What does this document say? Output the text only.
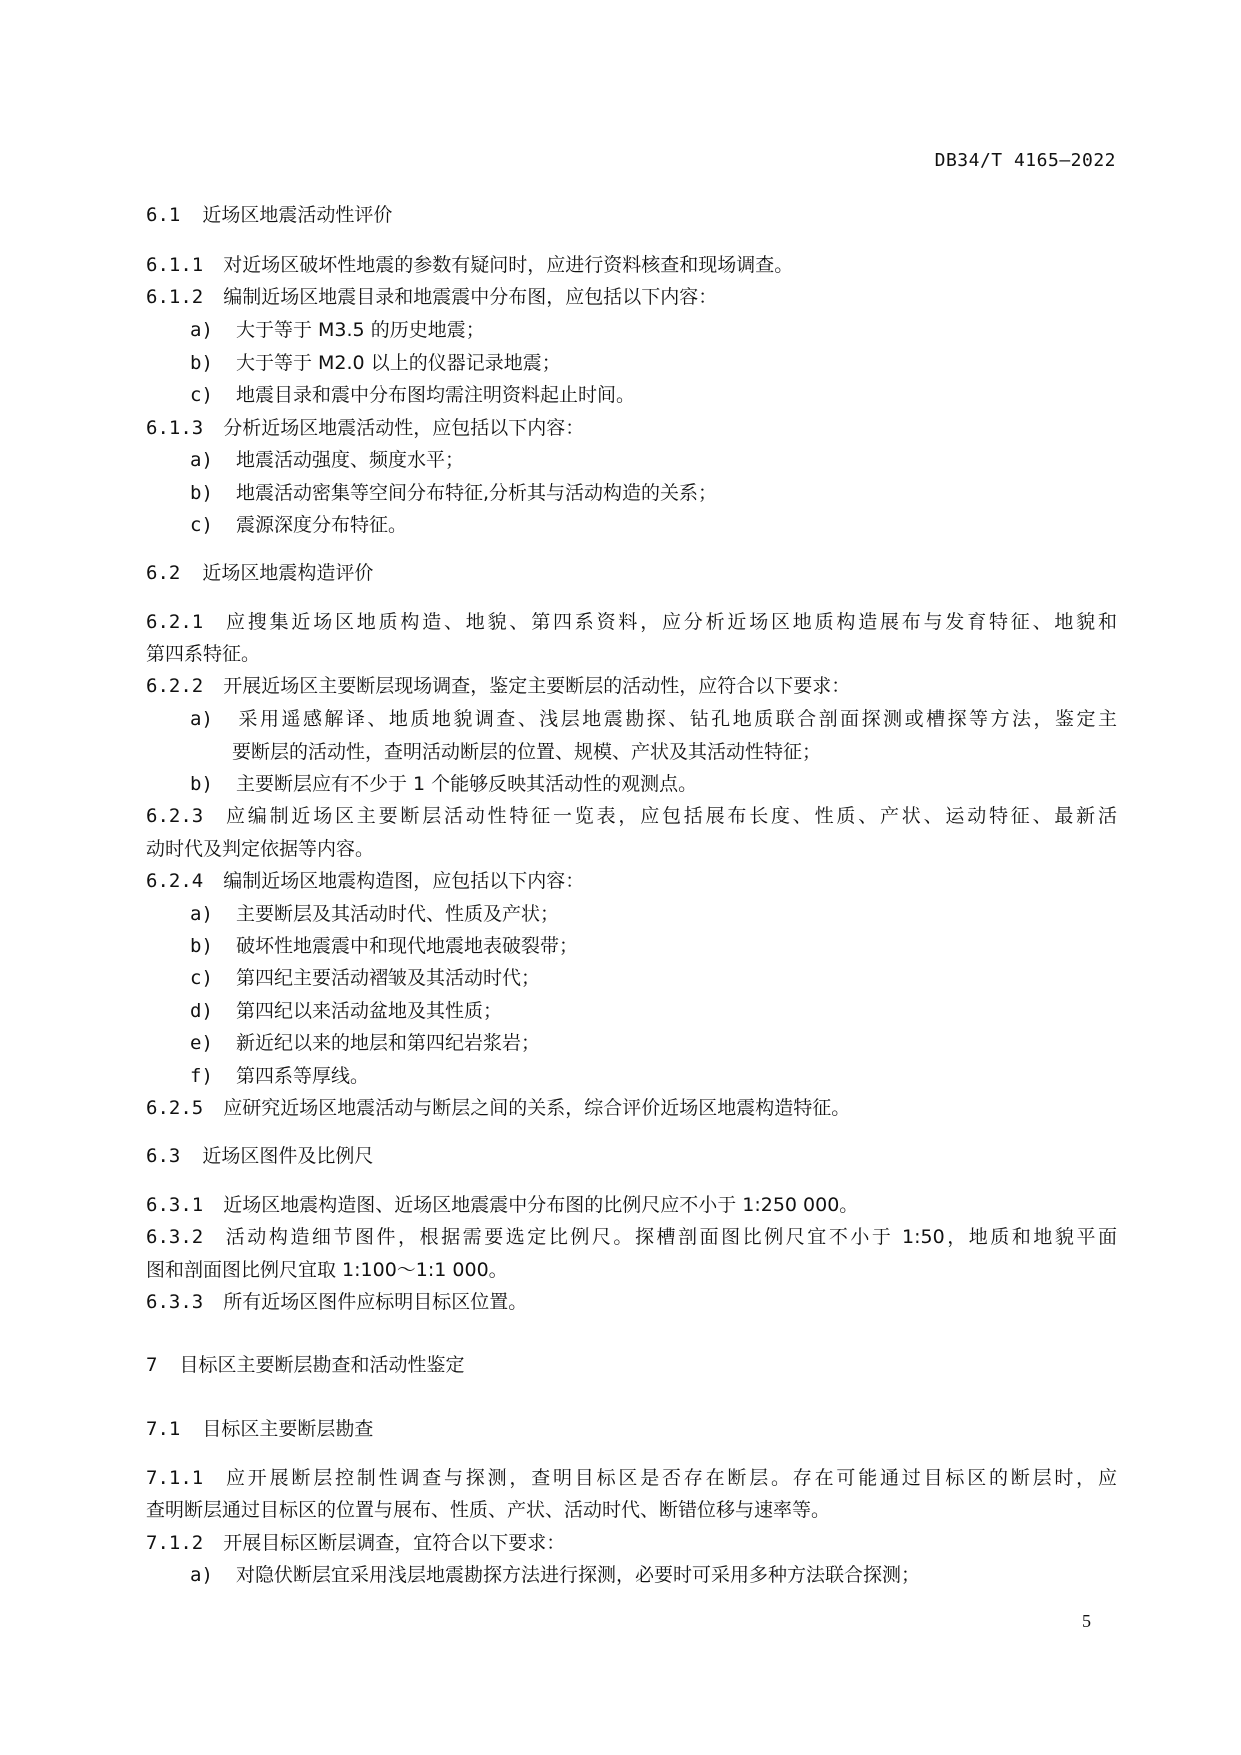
DB34/T 4165—2022
6.1 近场区地震活动性评价
6.1.1 对近场区破坏性地震的参数有疑问时，应进行资料核查和现场调查。
6.1.2 编制近场区地震目录和地震震中分布图，应包括以下内容：
a) 大于等于 M3.5 的历史地震；
b) 大于等于 M2.0 以上的仪器记录地震；
c) 地震目录和震中分布图均需注明资料起止时间。
6.1.3 分析近场区地震活动性，应包括以下内容：
a) 地震活动强度、频度水平；
b) 地震活动密集等空间分布特征,分析其与活动构造的关系；
c) 震源深度分布特征。
6.2 近场区地震构造评价
6.2.1 应搜集近场区地质构造、地貌、第四系资料，应分析近场区地质构造展布与发育特征、地貌和
第四系特征。
6.2.2 开展近场区主要断层现场调查，鉴定主要断层的活动性，应符合以下要求：
a) 采用遥感解译、地质地貌调查、浅层地震勘探、钻孔地质联合剖面探测或槽探等方法，鉴定主
要断层的活动性，查明活动断层的位置、规模、产状及其活动性特征；
b) 主要断层应有不少于 1 个能够反映其活动性的观测点。
6.2.3 应编制近场区主要断层活动性特征一览表，应包括展布长度、性质、产状、运动特征、最新活
动时代及判定依据等内容。
6.2.4 编制近场区地震构造图，应包括以下内容：
a) 主要断层及其活动时代、性质及产状；
b) 破坏性地震震中和现代地震地表破裂带；
c) 第四纪主要活动褶皱及其活动时代；
d) 第四纪以来活动盆地及其性质；
e) 新近纪以来的地层和第四纪岩浆岩；
f) 第四系等厚线。
6.2.5 应研究近场区地震活动与断层之间的关系，综合评价近场区地震构造特征。
6.3 近场区图件及比例尺
6.3.1 近场区地震构造图、近场区地震震中分布图的比例尺应不小于 1:250 000。
6.3.2 活动构造细节图件，根据需要选定比例尺。探槽剖面图比例尺宜不小于 1:50，地质和地貌平面
图和剖面图比例尺宜取 1:100～1:1 000。
6.3.3 所有近场区图件应标明目标区位置。
7 目标区主要断层勘查和活动性鉴定
7.1 目标区主要断层勘查
7.1.1 应开展断层控制性调查与探测，查明目标区是否存在断层。存在可能通过目标区的断层时，应
查明断层通过目标区的位置与展布、性质、产状、活动时代、断错位移与速率等。
7.1.2 开展目标区断层调查，宜符合以下要求：
a) 对隐伏断层宜采用浅层地震勘探方法进行探测，必要时可采用多种方法联合探测；
5
